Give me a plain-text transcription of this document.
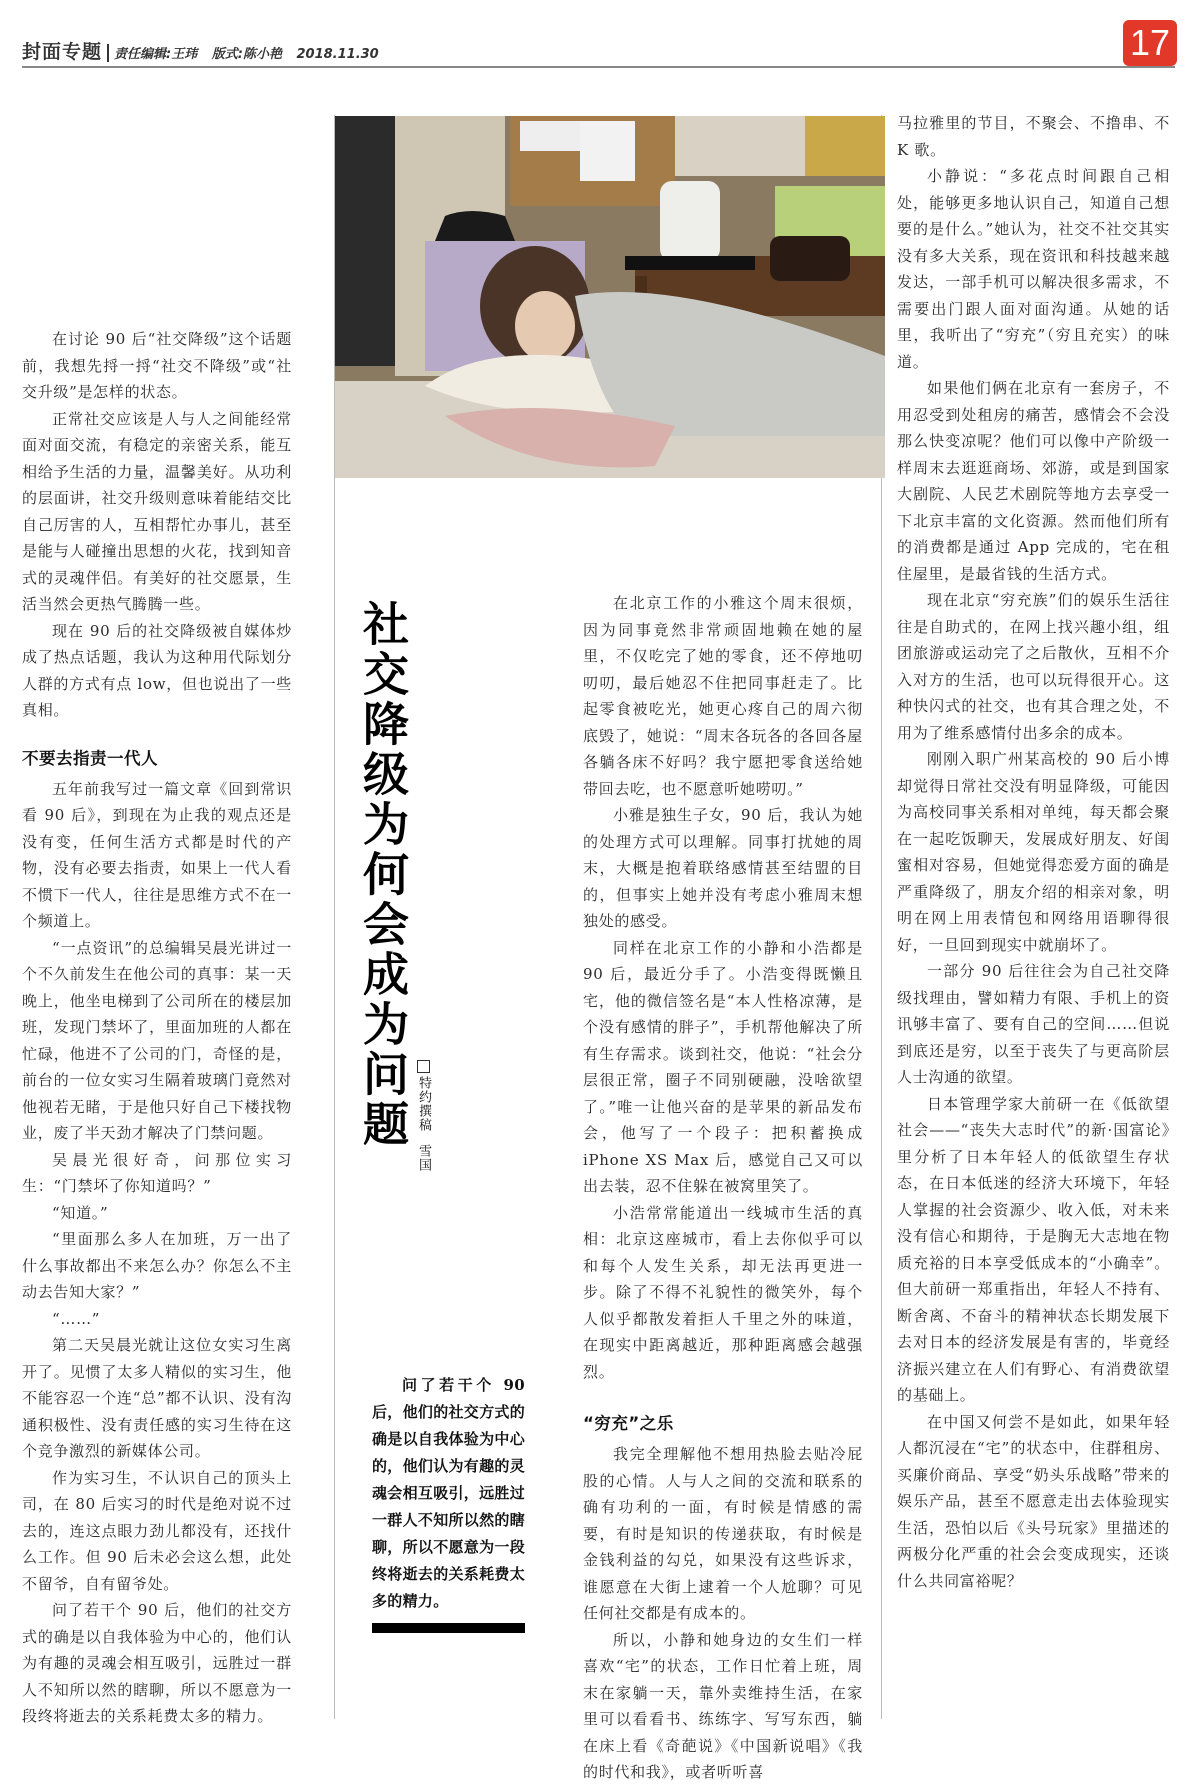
封面专题 责任编辑:王玮 版式:陈小艳 2018.11.30	17

在讨论 90 后“社交降级”这个话题前，我想先捋一捋“社交不降级”或“社交升级”是怎样的状态。

正常社交应该是人与人之间能经常面对面交流，有稳定的亲密关系，能互相给予生活的力量，温馨美好。从功利的层面讲，社交升级则意味着能结交比自己厉害的人，互相帮忙办事儿，甚至是能与人碰撞出思想的火花，找到知音式的灵魂伴侣。有美好的社交愿景，生活当然会更热气腾腾一些。

现在 90 后的社交降级被自媒体炒成了热点话题，我认为这种用代际划分人群的方式有点 low，但也说出了一些真相。

不要去指责一代人

五年前我写过一篇文章《回到常识看 90 后》，到现在为止我的观点还是没有变，任何生活方式都是时代的产物，没有必要去指责，如果上一代人看不惯下一代人，往往是思维方式不在一个频道上。

“一点资讯”的总编辑吴晨光讲过一个不久前发生在他公司的真事：某一天晚上，他坐电梯到了公司所在的楼层加班，发现门禁坏了，里面加班的人都在忙碌，他进不了公司的门，奇怪的是，前台的一位女实习生隔着玻璃门竟然对他视若无睹，于是他只好自己下楼找物业，废了半天劲才解决了门禁问题。

吴晨光很好奇，问那位实习生：“门禁坏了你知道吗？”

“知道。”

“里面那么多人在加班，万一出了什么事故都出不来怎么办？你怎么不主动去告知大家？”

“……”

第二天吴晨光就让这位女实习生离开了。见惯了太多人精似的实习生，他不能容忍一个连“总”都不认识、没有沟通积极性、没有责任感的实习生待在这个竞争激烈的新媒体公司。

作为实习生，不认识自己的顶头上司，在 80 后实习的时代是绝对说不过去的，连这点眼力劲儿都没有，还找什么工作。但 90 后未必会这么想，此处不留爷，自有留爷处。

问了若干个 90 后，他们的社交方式的确是以自我体验为中心的，他们认为有趣的灵魂会相互吸引，远胜过一群人不知所以然的瞎聊，所以不愿意为一段终将逝去的关系耗费太多的精力。

社交降级为何会成为问题 特约撰稿雪国

问了若干个 90 后，他们的社交方式的确是以自我体验为中心的，他们认为有趣的灵魂会相互吸引，远胜过一群人不知所以然的瞎聊，所以不愿意为一段终将逝去的关系耗费太多的精力。

在北京工作的小雅这个周末很烦，因为同事竟然非常顽固地赖在她的屋里，不仅吃完了她的零食，还不停地叨叨叨，最后她忍不住把同事赶走了。比起零食被吃光，她更心疼自己的周六彻底毁了，她说：“周末各玩各的各回各屋各躺各床不好吗？我宁愿把零食送给她带回去吃，也不愿意听她唠叨。”

小雅是独生子女，90 后，我认为她的处理方式可以理解。同事打扰她的周末，大概是抱着联络感情甚至结盟的目的，但事实上她并没有考虑小雅周末想独处的感受。

同样在北京工作的小静和小浩都是 90 后，最近分手了。小浩变得既懒且宅，他的微信签名是“本人性格凉薄，是个没有感情的胖子”，手机帮他解决了所有生存需求。谈到社交，他说：“社会分层很正常，圈子不同别硬融，没啥欲望了。”唯一让他兴奋的是苹果的新品发布会，他写了一个段子：把积蓄换成 iPhone XS Max 后，感觉自己又可以出去装，忍不住躲在被窝里笑了。

小浩常常能道出一线城市生活的真相：北京这座城市，看上去你似乎可以和每个人发生关系，却无法再更进一步。除了不得不礼貌性的微笑外，每个人似乎都散发着拒人千里之外的味道，在现实中距离越近，那种距离感会越强烈。

“穷充”之乐

我完全理解他不想用热脸去贴冷屁股的心情。人与人之间的交流和联系的确有功利的一面，有时候是情感的需要，有时是知识的传递获取，有时候是金钱利益的勾兑，如果没有这些诉求，谁愿意在大街上逮着一个人尬聊？可见任何社交都是有成本的。

所以，小静和她身边的女生们一样喜欢“宅”的状态，工作日忙着上班，周末在家躺一天，靠外卖维持生活，在家里可以看看书、练练字、写写东西，躺在床上看《奇葩说》《中国新说唱》《我的时代和我》，或者听听喜

马拉雅里的节目，不聚会、不撸串、不 K 歌。

小静说：“多花点时间跟自己相处，能够更多地认识自己，知道自己想要的是什么。”她认为，社交不社交其实没有多大关系，现在资讯和科技越来越发达，一部手机可以解决很多需求，不需要出门跟人面对面沟通。从她的话里，我听出了“穷充”（穷且充实）的味道。

如果他们俩在北京有一套房子，不用忍受到处租房的痛苦，感情会不会没那么快变凉呢？他们可以像中产阶级一样周末去逛逛商场、郊游，或是到国家大剧院、人民艺术剧院等地方去享受一下北京丰富的文化资源。然而他们所有的消费都是通过 App 完成的，宅在租住屋里，是最省钱的生活方式。

现在北京“穷充族”们的娱乐生活往往是自助式的，在网上找兴趣小组，组团旅游或运动完了之后散伙，互相不介入对方的生活，也可以玩得很开心。这种快闪式的社交，也有其合理之处，不用为了维系感情付出多余的成本。

刚刚入职广州某高校的 90 后小博却觉得日常社交没有明显降级，可能因为高校同事关系相对单纯，每天都会聚在一起吃饭聊天，发展成好朋友、好闺蜜相对容易，但她觉得恋爱方面的确是严重降级了，朋友介绍的相亲对象，明明在网上用表情包和网络用语聊得很好，一旦回到现实中就崩坏了。

一部分 90 后往往会为自己社交降级找理由，譬如精力有限、手机上的资讯够丰富了、要有自己的空间……但说到底还是穷，以至于丧失了与更高阶层人士沟通的欲望。

日本管理学家大前研一在《低欲望社会——“丧失大志时代”的新·国富论》里分析了日本年轻人的低欲望生存状态，在日本低迷的经济大环境下，年轻人掌握的社会资源少、收入低，对未来没有信心和期待，于是胸无大志地在物质充裕的日本享受低成本的“小确幸”。但大前研一郑重指出，年轻人不持有、断舍离、不奋斗的精神状态长期发展下去对日本的经济发展是有害的，毕竟经济振兴建立在人们有野心、有消费欲望的基础上。

在中国又何尝不是如此，如果年轻人都沉浸在“宅”的状态中，住群租房、买廉价商品、享受“奶头乐战略”带来的娱乐产品，甚至不愿意走出去体验现实生活，恐怕以后《头号玩家》里描述的两极分化严重的社会会变成现实，还谈什么共同富裕呢？
